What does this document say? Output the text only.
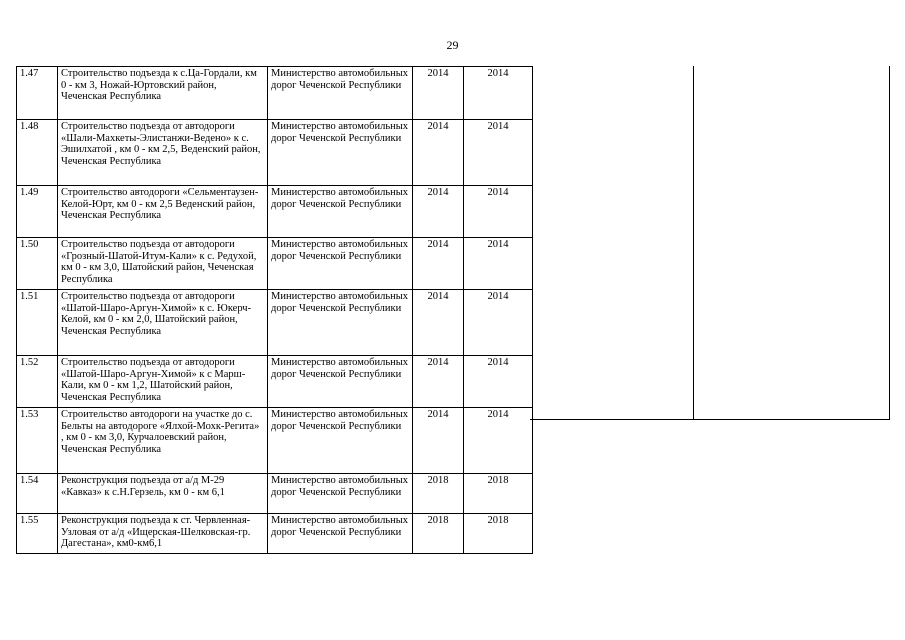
29
1.47	Строительство подъезда к с.Ца-Гордали, км 0 - км 3, Ножай-Юртовский район, Чеченская Республика	Министерство автомобильных дорог Чеченской Республики	2014	2014
1.48	Строительство подъезда от автодороги «Шали-Махкеты-Элистанжи-Ведено» к с. Эшилхатой , км 0 - км 2,5, Веденский район, Чеченская Республика	Министерство автомобильных дорог Чеченской Республики	2014	2014
1.49	Строительство автодороги «Сельментаузен-Келой-Юрт, км 0 - км 2,5 Веденский район, Чеченская Республика	Министерство автомобильных дорог Чеченской Республики	2014	2014
1.50	Строительство подъезда от автодороги «Грозный-Шатой-Итум-Кали» к с. Редухой, км 0 - км 3,0, Шатойский район, Чеченская Республика	Министерство автомобильных дорог Чеченской Республики	2014	2014
1.51	Строительство подъезда от автодороги «Шатой-Шаро-Аргун-Химой» к с. Юкерч-Келой, км 0 - км 2,0, Шатойский район, Чеченская Республика	Министерство автомобильных дорог Чеченской Республики	2014	2014
1.52	Строительство подъезда от автодороги «Шатой-Шаро-Аргун-Химой» к с Марш-Кали, км 0 - км 1,2, Шатойский район, Чеченская Республика	Министерство автомобильных дорог Чеченской Республики	2014	2014
1.53	Строительство автодороги на участке до с. Бельты на автодороге «Ялхой-Мохк-Регита» , км 0 - км 3,0, Курчалоевский район, Чеченская Республика	Министерство автомобильных дорог Чеченской Республики	2014	2014
1.54	Реконструкция подъезда от а/д М-29 «Кавказ» к с.Н.Герзель, км 0 - км 6,1	Министерство автомобильных дорог Чеченской Республики	2018	2018
1.55	Реконструкция подъезда к ст. Червленная-Узловая от а/д «Ищерская-Шелковская-гр. Дагестана», км0-км6,1	Министерство автомобильных дорог Чеченской Республики	2018	2018
